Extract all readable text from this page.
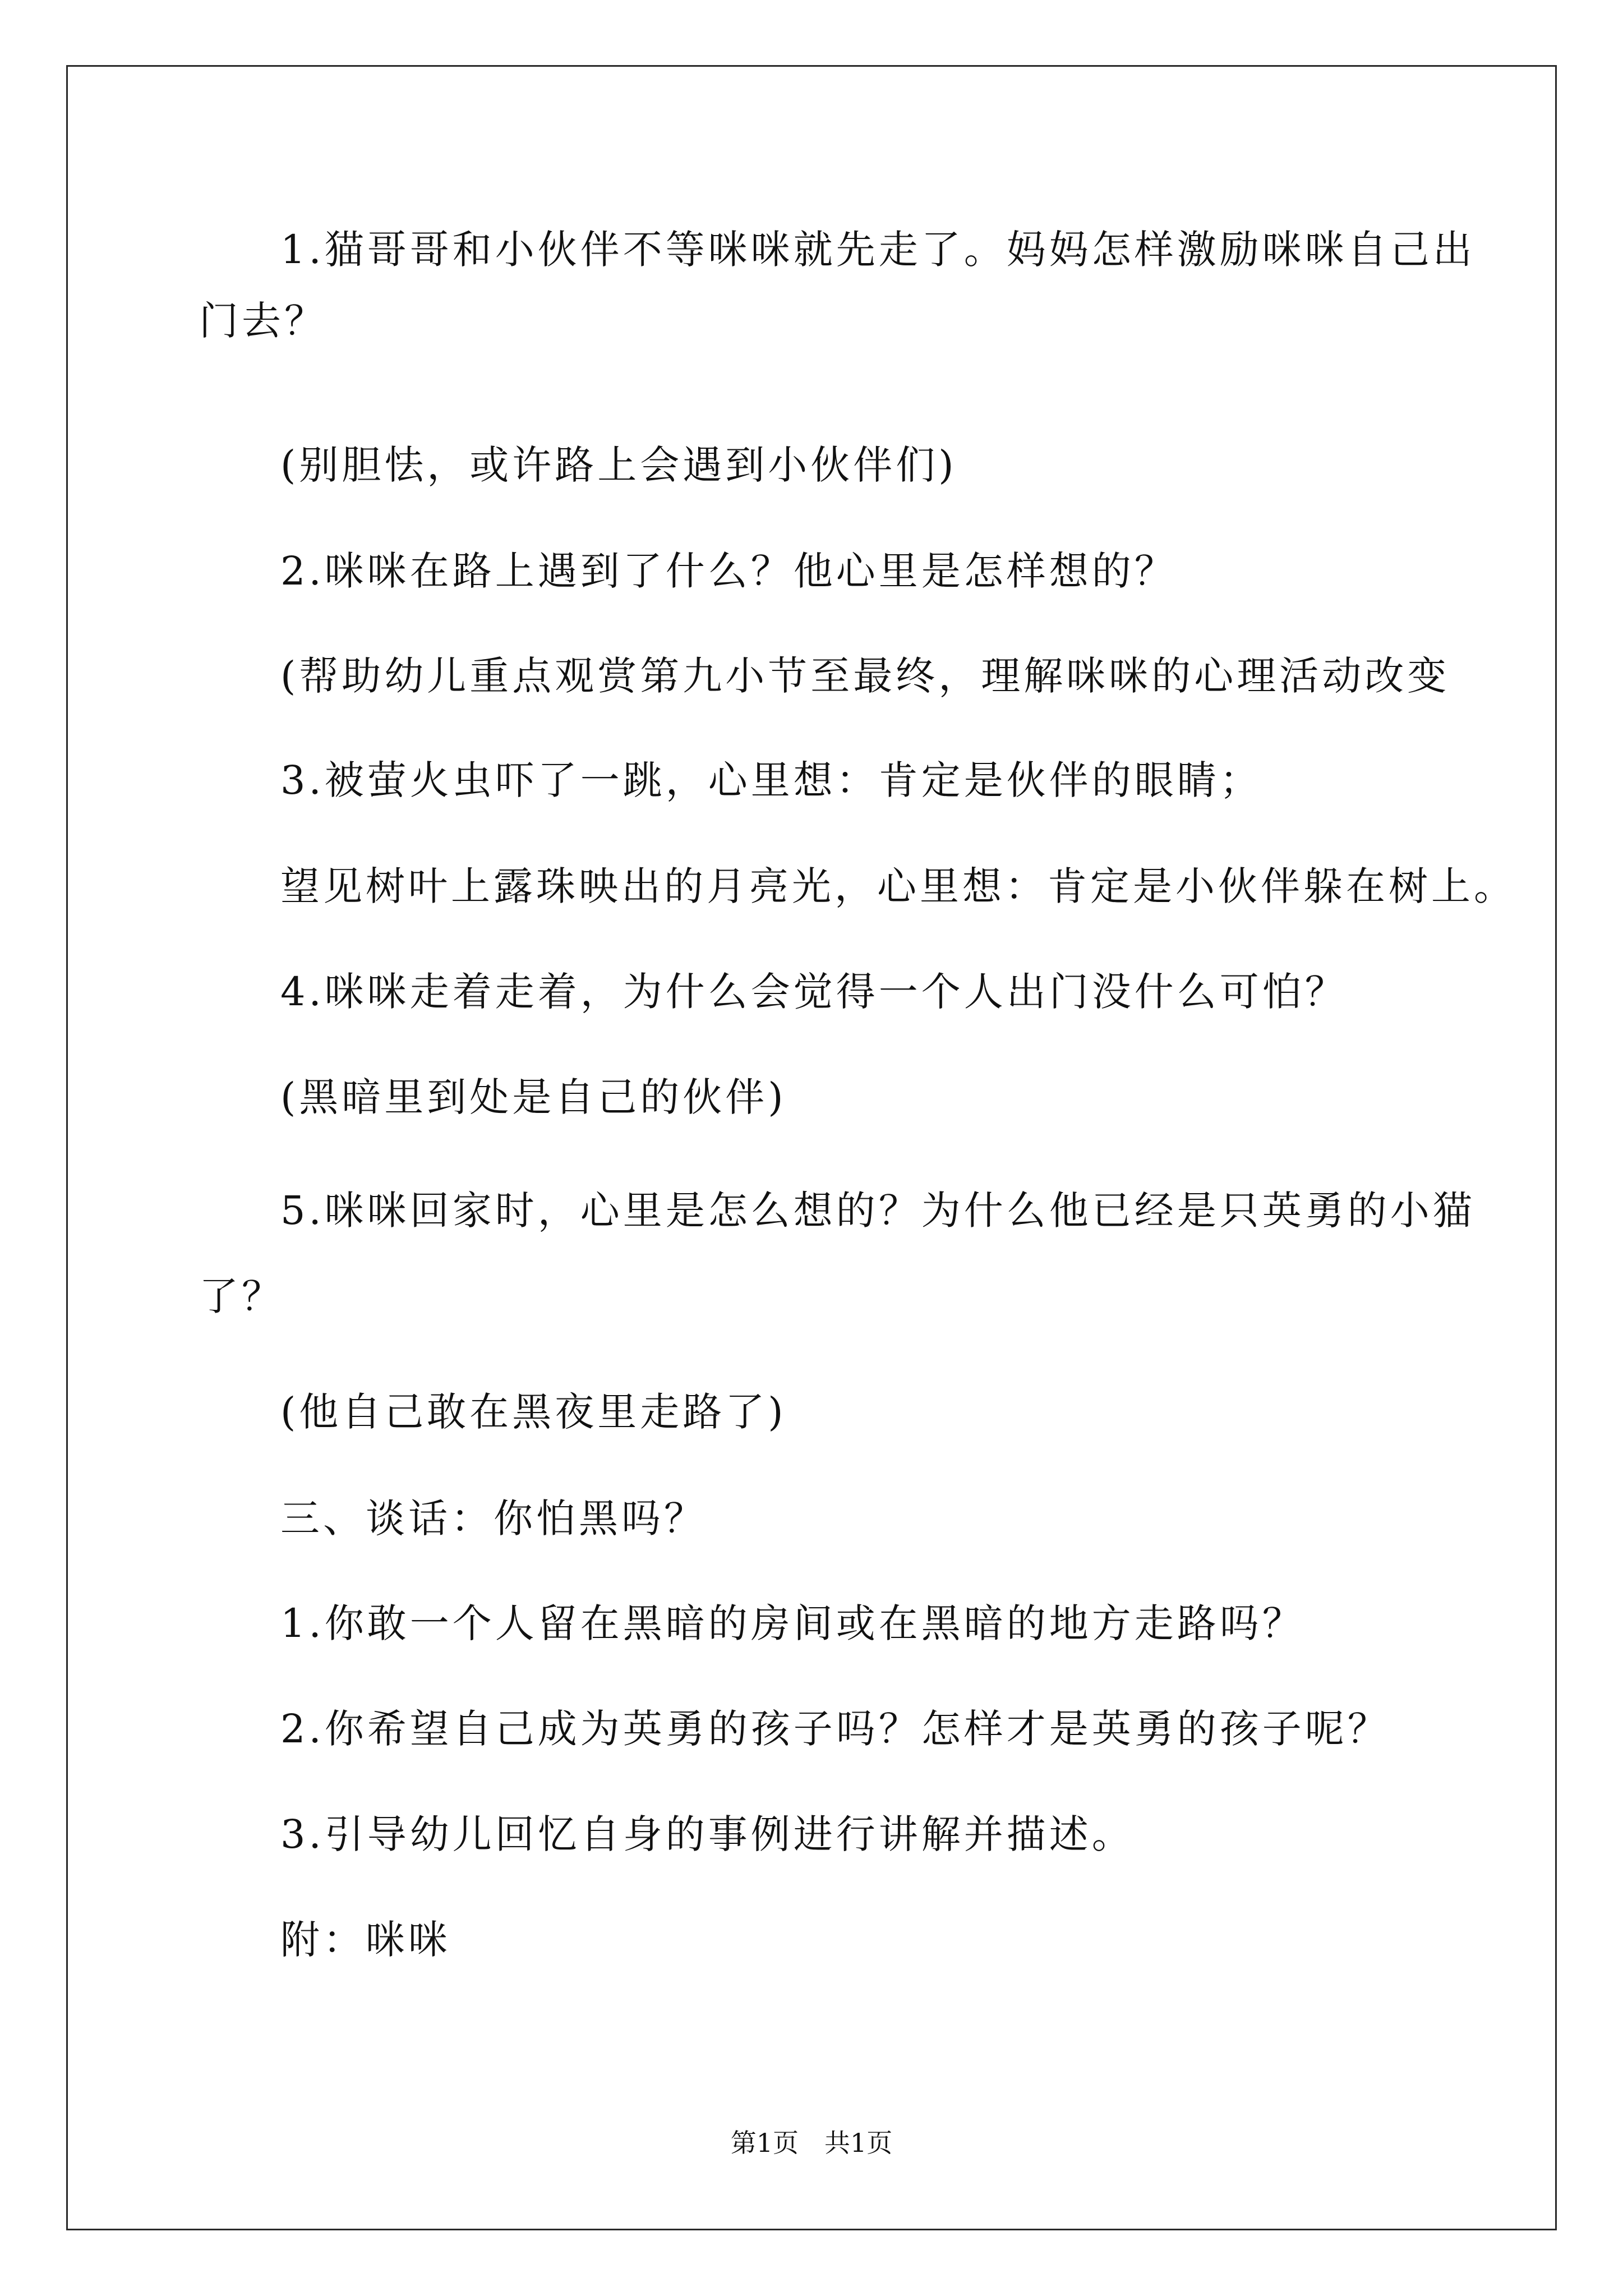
1.猫哥哥和小伙伴不等咪咪就先走了。妈妈怎样激励咪咪自己出
门去？
(别胆怯，或许路上会遇到小伙伴们)
2.咪咪在路上遇到了什么？他心里是怎样想的？
(帮助幼儿重点观赏第九小节至最终，理解咪咪的心理活动改变
3.被萤火虫吓了一跳，心里想：肯定是伙伴的眼睛；
望见树叶上露珠映出的月亮光，心里想：肯定是小伙伴躲在树上。
4.咪咪走着走着，为什么会觉得一个人出门没什么可怕？
(黑暗里到处是自己的伙伴)
5.咪咪回家时，心里是怎么想的？为什么他已经是只英勇的小猫
了？
(他自己敢在黑夜里走路了)
三、谈话：你怕黑吗？
1.你敢一个人留在黑暗的房间或在黑暗的地方走路吗？
2.你希望自己成为英勇的孩子吗？怎样才是英勇的孩子呢？
3.引导幼儿回忆自身的事例进行讲解并描述。
附：咪咪
第1页　共1页
